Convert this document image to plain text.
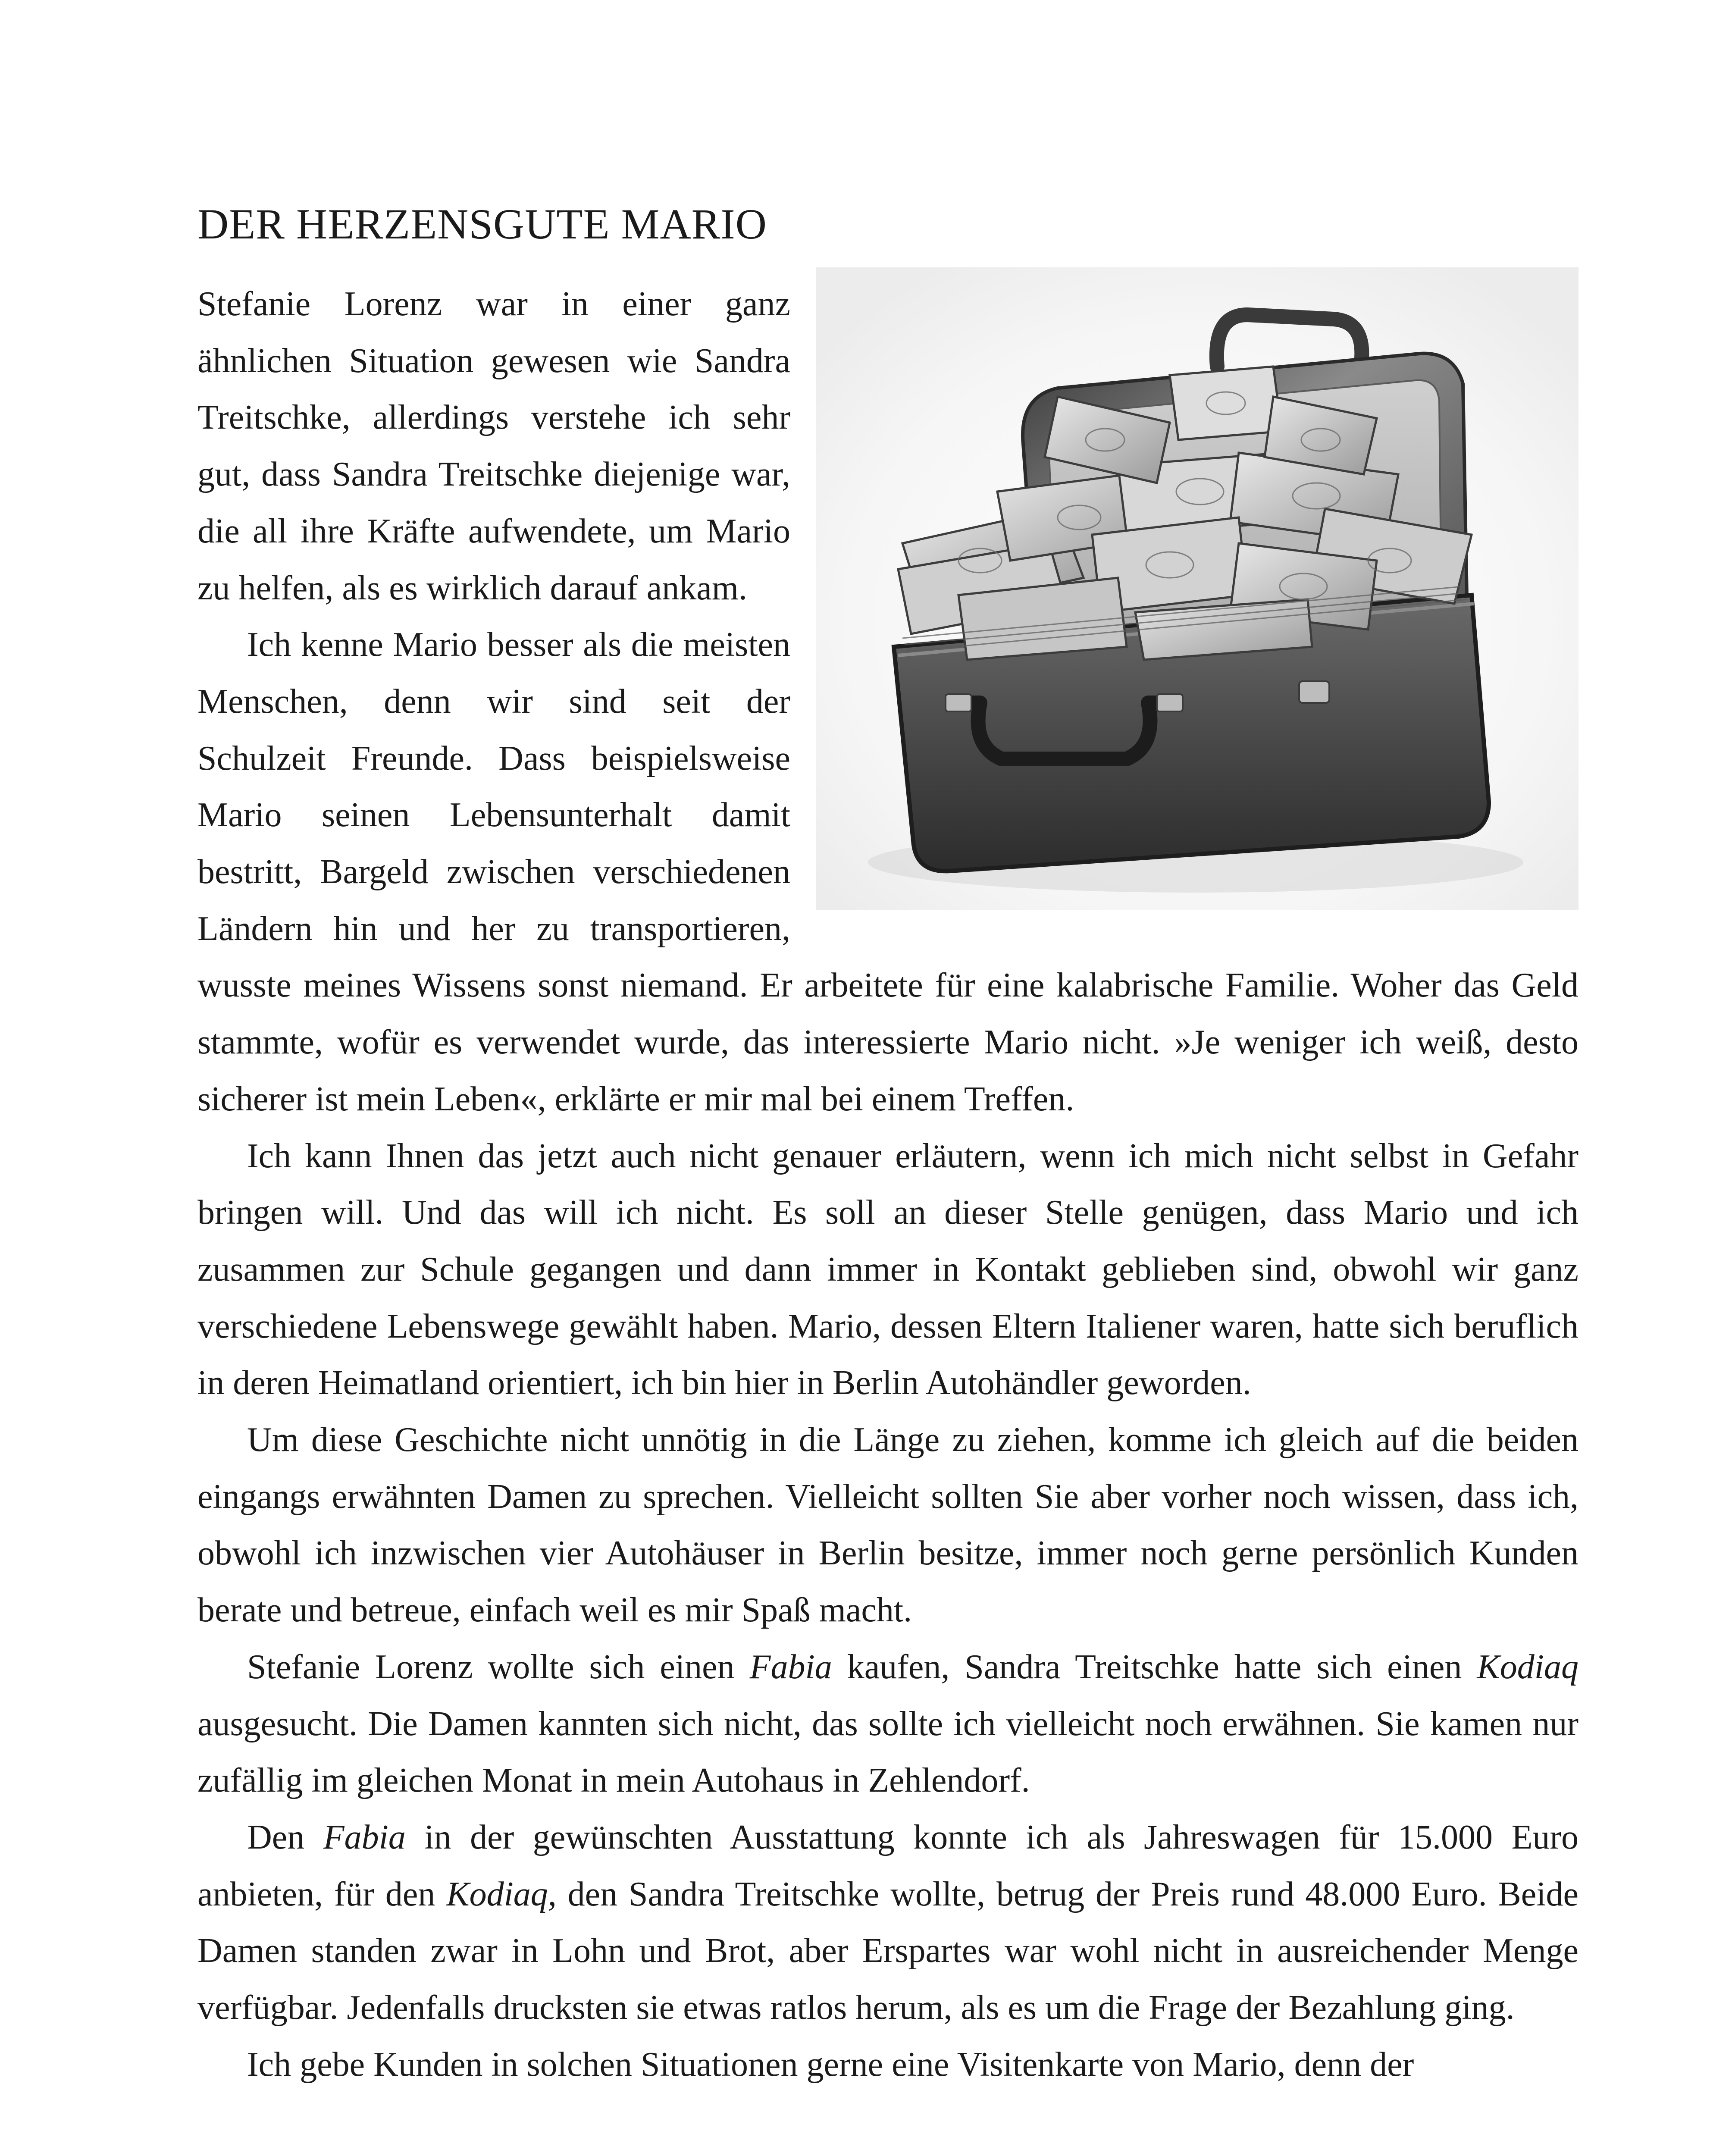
DER HERZENSGUTE MARIO

Stefanie Lorenz war in einer ganz ähnlichen Situation gewesen wie Sandra Treitschke, allerdings verstehe ich sehr gut, dass Sandra Treitschke diejenige war, die all ihre Kräfte aufwendete, um Mario zu helfen, als es wirklich darauf ankam.

Ich kenne Mario besser als die meisten Menschen, denn wir sind seit der Schulzeit Freunde. Dass beispielsweise Mario seinen Lebensunterhalt damit bestritt, Bargeld zwischen verschiedenen Ländern hin und her zu transportieren, wusste meines Wissens sonst niemand. Er arbeitete für eine kalabrische Familie. Woher das Geld stammte, wofür es verwendet wurde, das interessierte Mario nicht. »Je weniger ich weiß, desto sicherer ist mein Leben«, erklärte er mir mal bei einem Treffen.

Ich kann Ihnen das jetzt auch nicht genauer erläutern, wenn ich mich nicht selbst in Gefahr bringen will. Und das will ich nicht. Es soll an dieser Stelle genügen, dass Mario und ich zusammen zur Schule gegangen und dann immer in Kontakt geblieben sind, obwohl wir ganz verschiedene Lebenswege gewählt haben. Mario, dessen Eltern Italiener waren, hatte sich beruflich in deren Heimatland orientiert, ich bin hier in Berlin Autohändler geworden.

Um diese Geschichte nicht unnötig in die Länge zu ziehen, komme ich gleich auf die beiden eingangs erwähnten Damen zu sprechen. Vielleicht sollten Sie aber vorher noch wissen, dass ich, obwohl ich inzwischen vier Autohäuser in Berlin besitze, immer noch gerne persönlich Kunden berate und betreue, einfach weil es mir Spaß macht.

Stefanie Lorenz wollte sich einen Fabia kaufen, Sandra Treitschke hatte sich einen Kodiaq ausgesucht. Die Damen kannten sich nicht, das sollte ich vielleicht noch erwähnen. Sie kamen nur zufällig im gleichen Monat in mein Autohaus in Zehlendorf.

Den Fabia in der gewünschten Ausstattung konnte ich als Jahreswagen für 15.000 Euro anbieten, für den Kodiaq, den Sandra Treitschke wollte, betrug der Preis rund 48.000 Euro. Beide Damen standen zwar in Lohn und Brot, aber Erspartes war wohl nicht in ausreichender Menge verfügbar. Jedenfalls drucksten sie etwas ratlos herum, als es um die Frage der Bezahlung ging.

Ich gebe Kunden in solchen Situationen gerne eine Visitenkarte von Mario, denn der
